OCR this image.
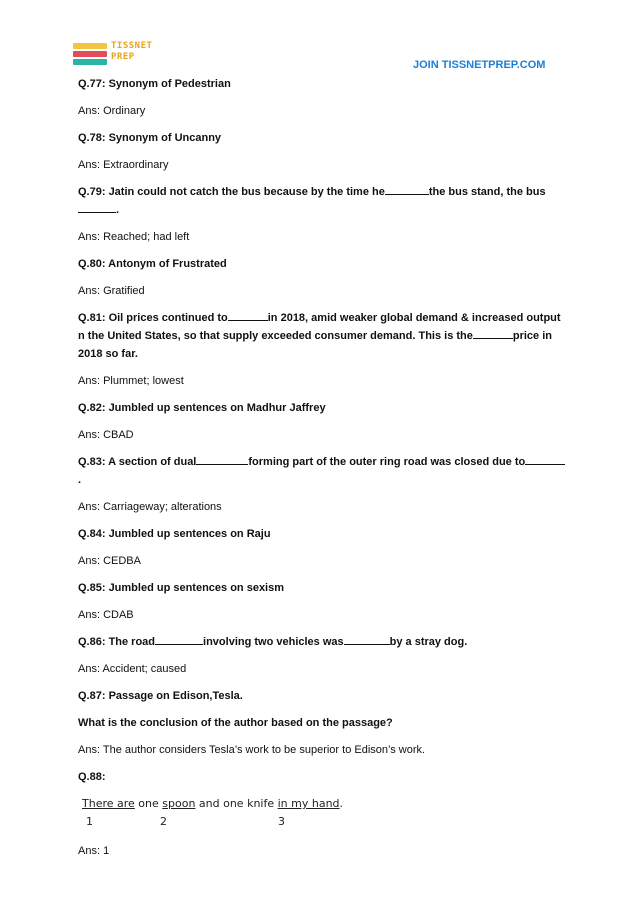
TISSNET
PREP
JOIN TISSNETPREP.COM

Q.77: Synonym of Pedestrian

Ans: Ordinary

Q.78: Synonym of Uncanny

Ans: Extraordinary

Q.79: Jatin could not catch the bus because by the time he	the bus stand, the bus.

Ans: Reached; had left

Q.80: Antonym of Frustrated

Ans: Gratified

Q.81: Oil prices continued to	in 2018, amid weaker global demand & increased output n the United States, so that supply exceeded consumer demand. This is the	price in 2018 so far.

Ans: Plummet; lowest

Q.82: Jumbled up sentences on Madhur Jaffrey

Ans: CBAD

Q.83: A section of dual	forming part of the outer ring road was closed due to.

Ans: Carriageway; alterations

Q.84: Jumbled up sentences on Raju

Ans: CEDBA

Q.85: Jumbled up sentences on sexism

Ans: CDAB

Q.86: The road	involving two vehicles was	by a stray dog.

Ans: Accident; caused

Q.87: Passage on Edison,Tesla.

What is the conclusion of the author based on the passage?

Ans: The author considers Tesla’s work to be superior to Edison’s work.

Q.88:

There are one spoon and one knife in my hand.
1	2	3

Ans: 1
